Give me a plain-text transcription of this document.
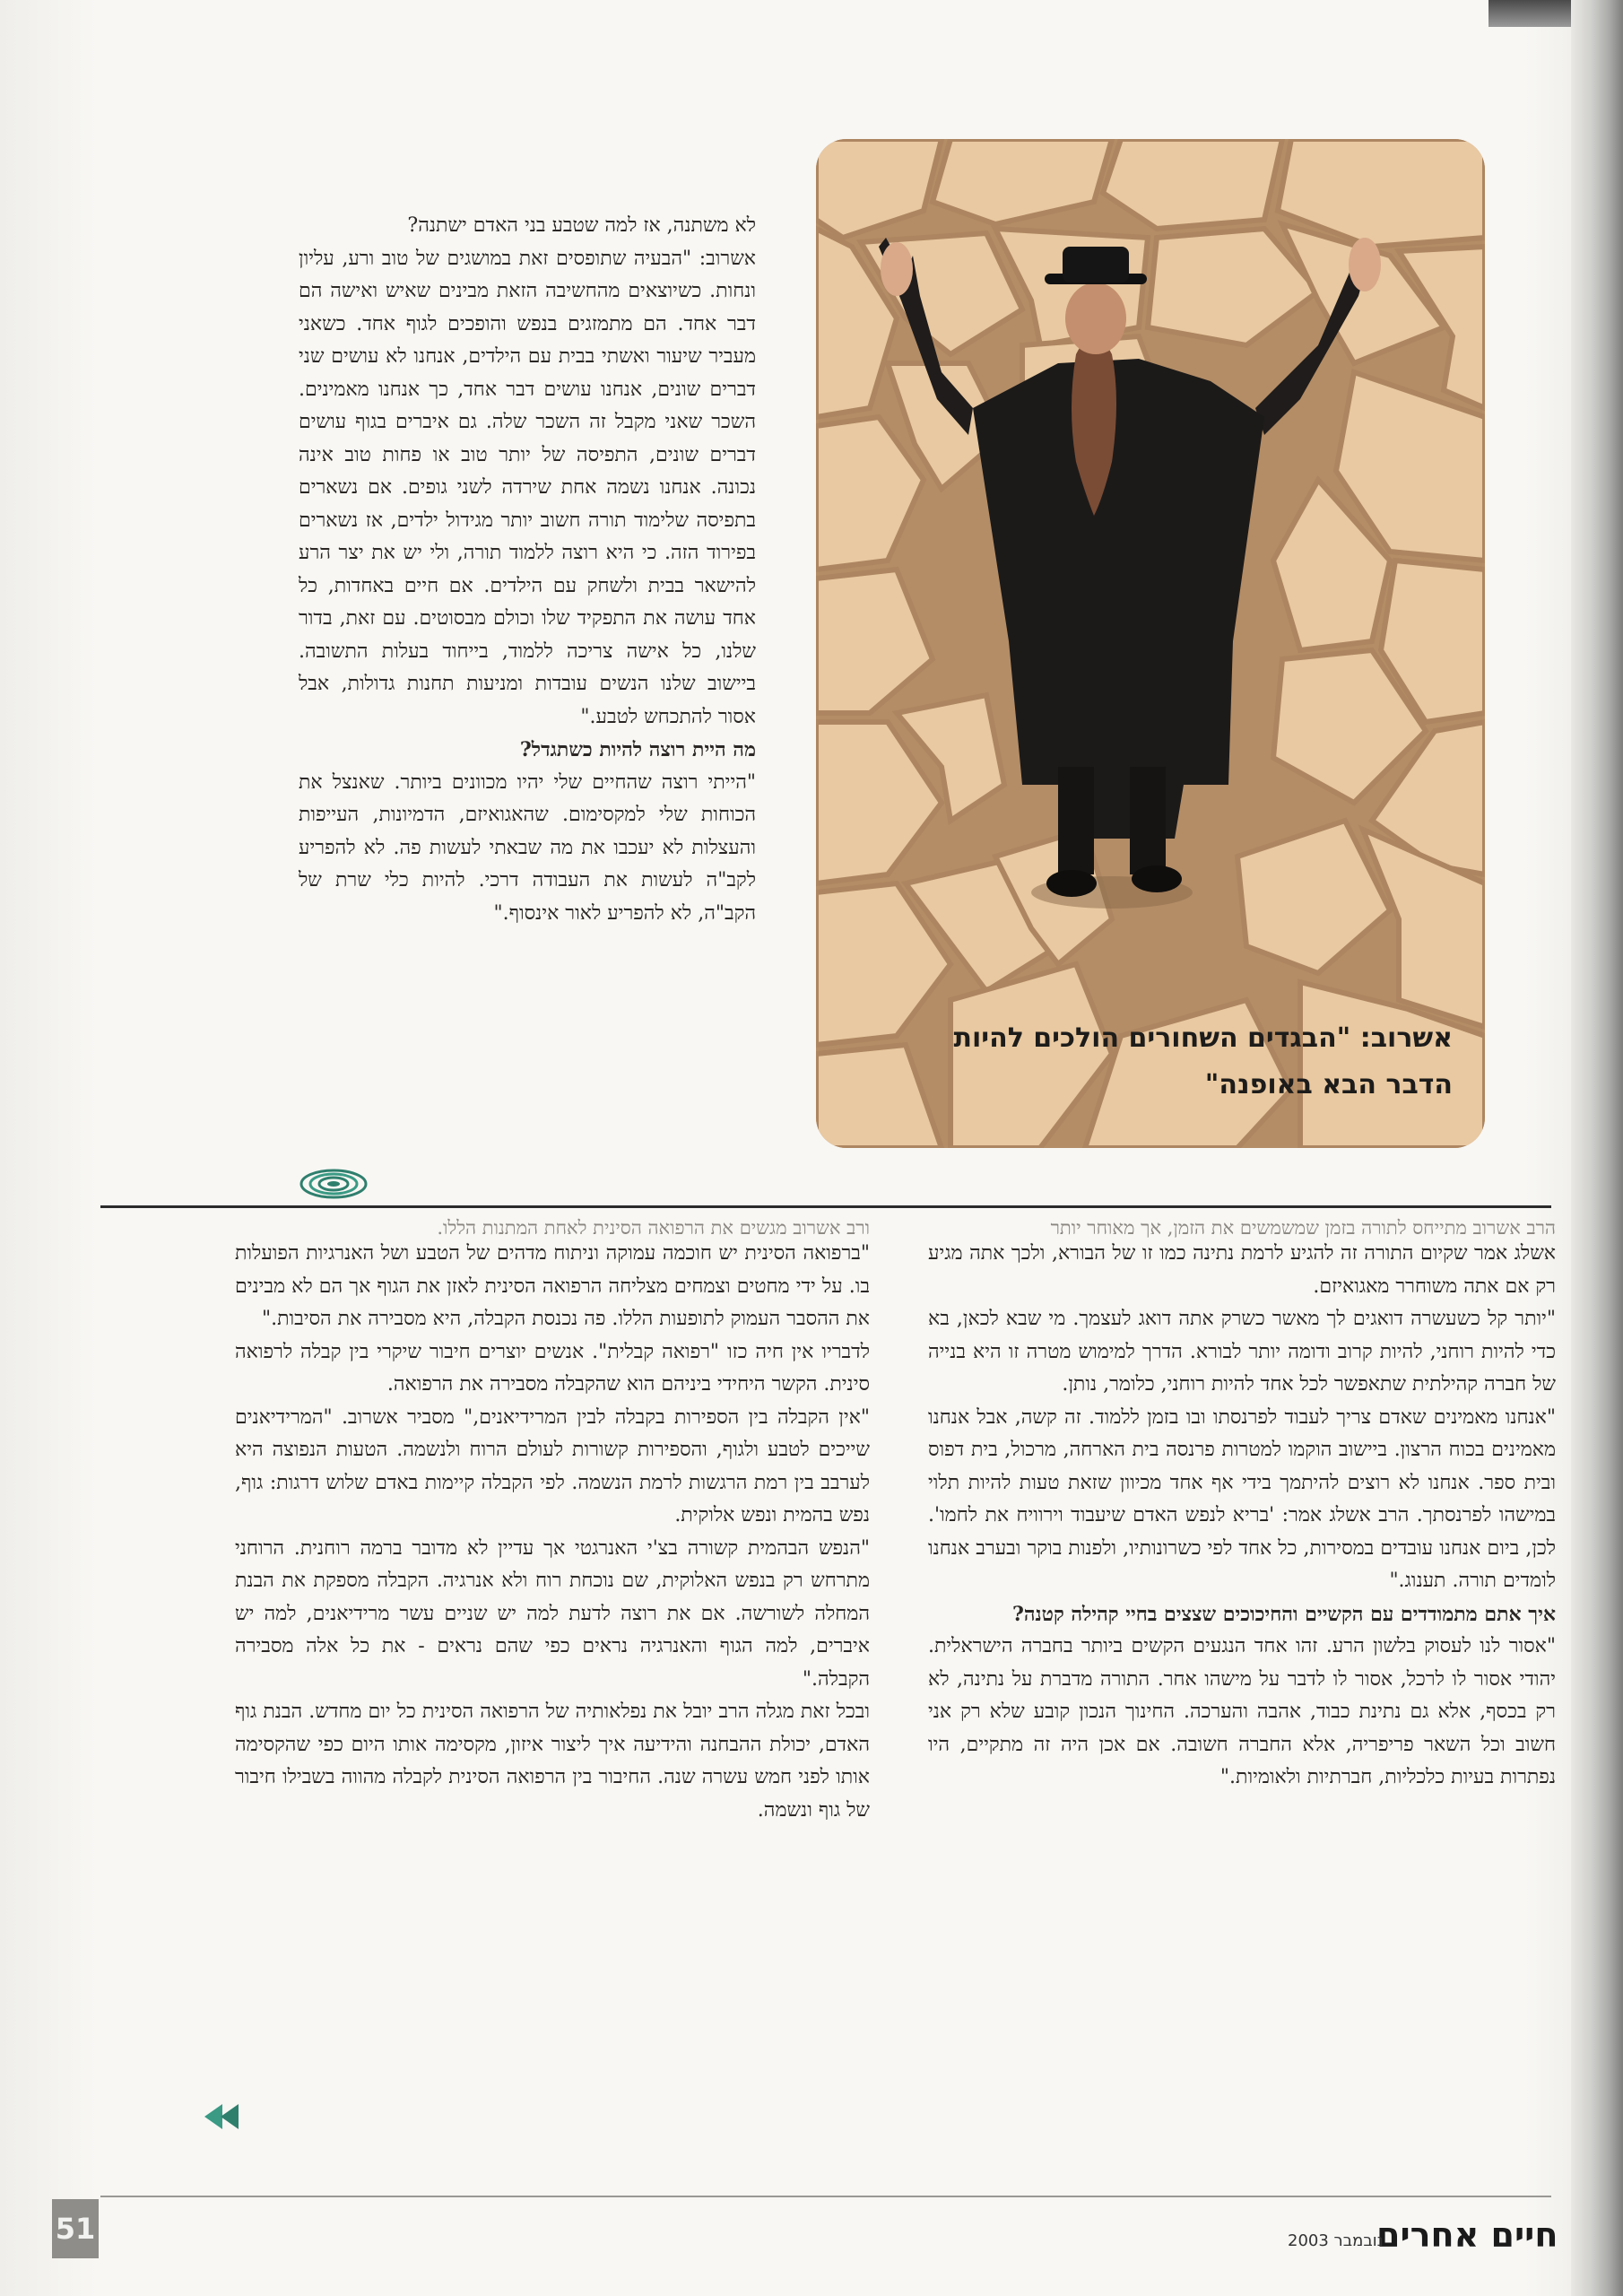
אשרוב: "הבגדים השחורים הולכים להיות
הדבר הבא באופנה"

לא משתנה, אז למה שטבע בני האדם ישתנה?

אשרוב: "הבעיה שתופסים זאת במושגים של טוב ורע, עליון ונחות. כשיוצאים מהחשיבה הזאת מבינים שאיש ואישה הם דבר אחד. הם מתמזגים בנפש והופכים לגוף אחד. כשאני מעביר שיעור ואשתי בבית עם הילדים, אנחנו לא עושים שני דברים שונים, אנחנו עושים דבר אחד, כך אנחנו מאמינים. השכר שאני מקבל זה השכר שלה. גם איברים בגוף עושים דברים שונים, התפיסה של יותר טוב או פחות טוב אינה נכונה. אנחנו נשמה אחת שירדה לשני גופים. אם נשארים בתפיסה שלימוד תורה חשוב יותר מגידול ילדים, אז נשארים בפירוד הזה. כי היא רוצה ללמוד תורה, ולי יש את יצר הרע להישאר בבית ולשחק עם הילדים. אם חיים באחדות, כל אחד עושה את התפקיד שלו וכולם מבסוטים. עם זאת, בדור שלנו, כל אישה צריכה ללמוד, בייחוד בעלות התשובה. ביישוב שלנו הנשים עובדות ומניעות תחנות גדולות, אבל אסור להתכחש לטבע."

מה היית רוצה להיות כשתגדל?

"הייתי רוצה שהחיים שלי יהיו מכוונים ביותר. שאנצל את הכוחות שלי למקסימום. שהאגואיזם, הדמיונות, העייפות והעצלות לא יעכבו את מה שבאתי לעשות פה. לא להפריע לקב"ה לעשות את העבודה דרכי. להיות כלי שרת של הקב"ה, לא להפריע לאור אינסוף."

ורב אשרוב מגשים את הרפואה הסינית לאחת המתנות הללו.

"ברפואה הסינית יש חוכמה עמוקה וניתוח מדהים של הטבע ושל האנרגיות הפועלות בו. על ידי מחטים וצמחים מצליחה הרפואה הסינית לאזן את הגוף אך הם לא מבינים את ההסבר העמוק לתופעות הללו. פה נכנסת הקבלה, היא מסבירה את הסיבות."

לדבריו אין חיה כזו "רפואה קבלית". אנשים יוצרים חיבור שיקרי בין קבלה לרפואה סינית. הקשר היחידי ביניהם הוא שהקבלה מסבירה את הרפואה.

"אין הקבלה בין הספירות בקבלה לבין המרידיאנים," מסביר אשרוב. "המרידיאנים שייכים לטבע ולגוף, והספירות קשורות לעולם הרוח ולנשמה. הטעות הנפוצה היא לערבב בין רמת הרגשות לרמת הנשמה. לפי הקבלה קיימות באדם שלוש דרגות: גוף, נפש בהמית ונפש אלוקית.

"הנפש הבהמית קשורה בצ'י האנרגטי אך עדיין לא מדובר ברמה רוחנית. הרוחני מתרחש רק בנפש האלוקית, שם נוכחת רוח ולא אנרגיה. הקבלה מספקת את הבנת המחלה לשורשה. אם את רוצה לדעת למה יש שניים עשר מרידיאנים, למה יש איברים, למה הגוף והאנרגיה נראים כפי שהם נראים - את כל אלה מסבירה הקבלה."

ובכל זאת מגלה הרב יובל את נפלאותיה של הרפואה הסינית כל יום מחדש. הבנת גוף האדם, יכולת ההבחנה והידיעה איך ליצור איזון, מקסימה אותו היום כפי שהקסימה אותו לפני חמש עשרה שנה. החיבור בין הרפואה הסינית לקבלה מהווה בשבילו חיבור של גוף ונשמה.

הרב אשרוב מתייחס לתורה בזמן שמשמשים את הזמן, אך מאוחר יותר

אשלג אמר שקיום התורה זה להגיע לרמת נתינה כמו זו של הבורא, ולכך אתה מגיע רק אם אתה משוחרר מאגואיזם.

"יותר קל כשעשרה דואגים לך מאשר כשרק אתה דואג לעצמך. מי שבא לכאן, בא כדי להיות רוחני, להיות קרוב ודומה יותר לבורא. הדרך למימוש מטרה זו היא בנייה של חברה קהילתית שתאפשר לכל אחד להיות רוחני, כלומר, נותן.

"אנחנו מאמינים שאדם צריך לעבוד לפרנסתו ובו בזמן ללמוד. זה קשה, אבל אנחנו מאמינים בכוח הרצון. ביישוב הוקמו למטרות פרנסה בית הארחה, מרכול, בית דפוס ובית ספר. אנחנו לא רוצים להיתמך בידי אף אחד מכיוון שזאת טעות להיות תלוי במישהו לפרנסתך. הרב אשלג אמר: 'בריא לנפש האדם שיעבוד וירוויח את לחמו'. לכן, ביום אנחנו עובדים במסירות, כל אחד לפי כשרונותיו, ולפנות בוקר ובערב אנחנו לומדים תורה. תענוג."

איך אתם מתמודדים עם הקשיים והחיכוכים שצצים בחיי קהילה קטנה?

"אסור לנו לעסוק בלשון הרע. זהו אחד הנגעים הקשים ביותר בחברה הישראלית. יהודי אסור לו לרכל, אסור לו לדבר על מישהו אחר. התורה מדברת על נתינה, לא רק בכסף, אלא גם נתינת כבוד, אהבה והערכה. החינוך הנכון קובע שלא רק אני חשוב וכל השאר פריפריה, אלא החברה חשובה. אם אכן היה זה מתקיים, היו נפתרות בעיות כלכליות, חברתיות ולאומיות."

51	חיים אחרים
נובמבר 2003
